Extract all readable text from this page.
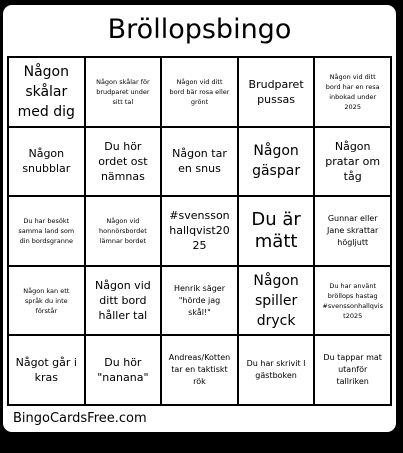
Bröllopsbingo
Någon skålar med dig
Någon skålar för brudparet under sitt tal
Någon vid ditt bord bär rosa eller grönt
Brudparet pussas
Någon vid ditt bord har en resa inbokad under 2025
Någon snubblar
Du hör ordet ost nämnas
Någon tar en snus
Någon gäspar
Någon pratar om tåg
Du har besökt samma land som din bordsgranne
Någon vid honnörsbordet lämnar bordet
#svenssonhallqvist2025
Du är mätt
Gunnar eller Jane skrattar högljutt
Någon kan ett språk du inte förstår
Någon vid ditt bord håller tal
Henrik säger "hörde jag skål!"
Någon spiller dryck
Du har använt bröllops hastag #svenssonhallqvist2025
Något går i kras
Du hör "nanana"
Andreas/Kotten tar en taktiskt rök
Du har skrivit I gästboken
Du tappar mat utanför tallriken
BingoCardsFree.com
